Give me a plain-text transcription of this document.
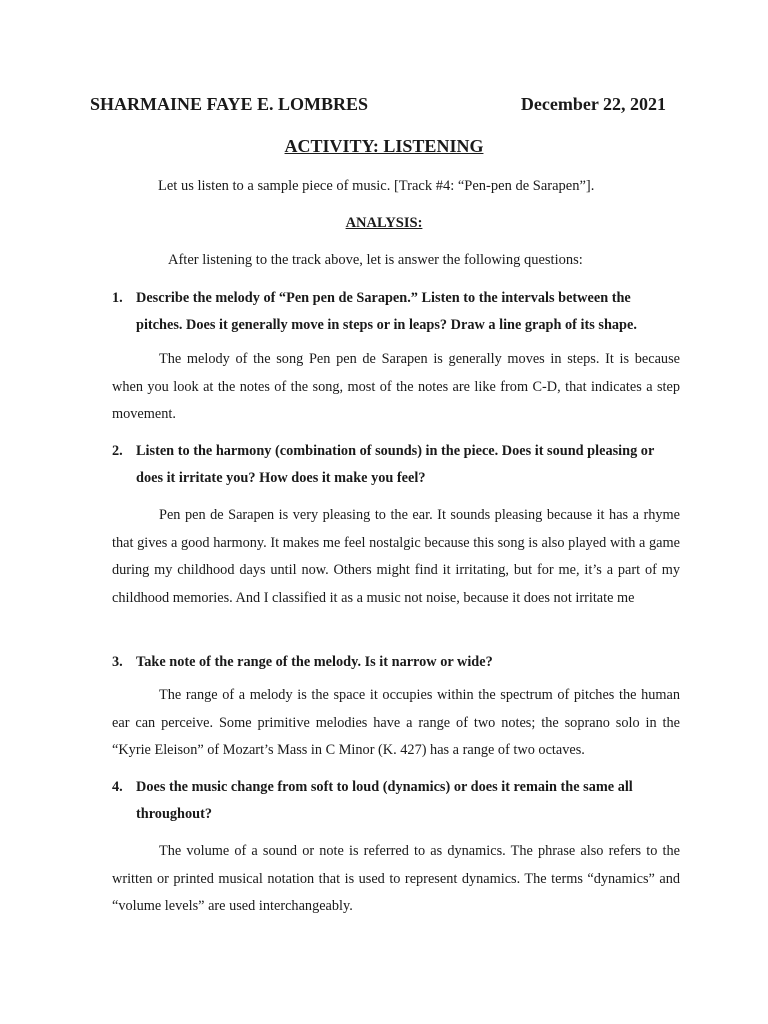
SHARMAINE FAYE E. LOMBRES	December 22, 2021
ACTIVITY: LISTENING
Let us listen to a sample piece of music. [Track #4: “Pen-pen de Sarapen”].
ANALYSIS:
After listening to the track above, let is answer the following questions:
1. Describe the melody of “Pen pen de Sarapen.” Listen to the intervals between the pitches. Does it generally move in steps or in leaps? Draw a line graph of its shape.
The melody of the song Pen pen de Sarapen is generally moves in steps. It is because when you look at the notes of the song, most of the notes are like from C-D, that indicates a step movement.
2. Listen to the harmony (combination of sounds) in the piece. Does it sound pleasing or does it irritate you? How does it make you feel?
Pen pen de Sarapen is very pleasing to the ear. It sounds pleasing because it has a rhyme that gives a good harmony. It makes me feel nostalgic because this song is also played with a game during my childhood days until now. Others might find it irritating, but for me, it’s a part of my childhood memories. And I classified it as a music not noise, because it does not irritate me
3. Take note of the range of the melody. Is it narrow or wide?
The range of a melody is the space it occupies within the spectrum of pitches the human ear can perceive. Some primitive melodies have a range of two notes; the soprano solo in the “Kyrie Eleison” of Mozart’s Mass in C Minor (K. 427) has a range of two octaves.
4. Does the music change from soft to loud (dynamics) or does it remain the same all throughout?
The volume of a sound or note is referred to as dynamics. The phrase also refers to the written or printed musical notation that is used to represent dynamics. The terms “dynamics” and “volume levels” are used interchangeably.
